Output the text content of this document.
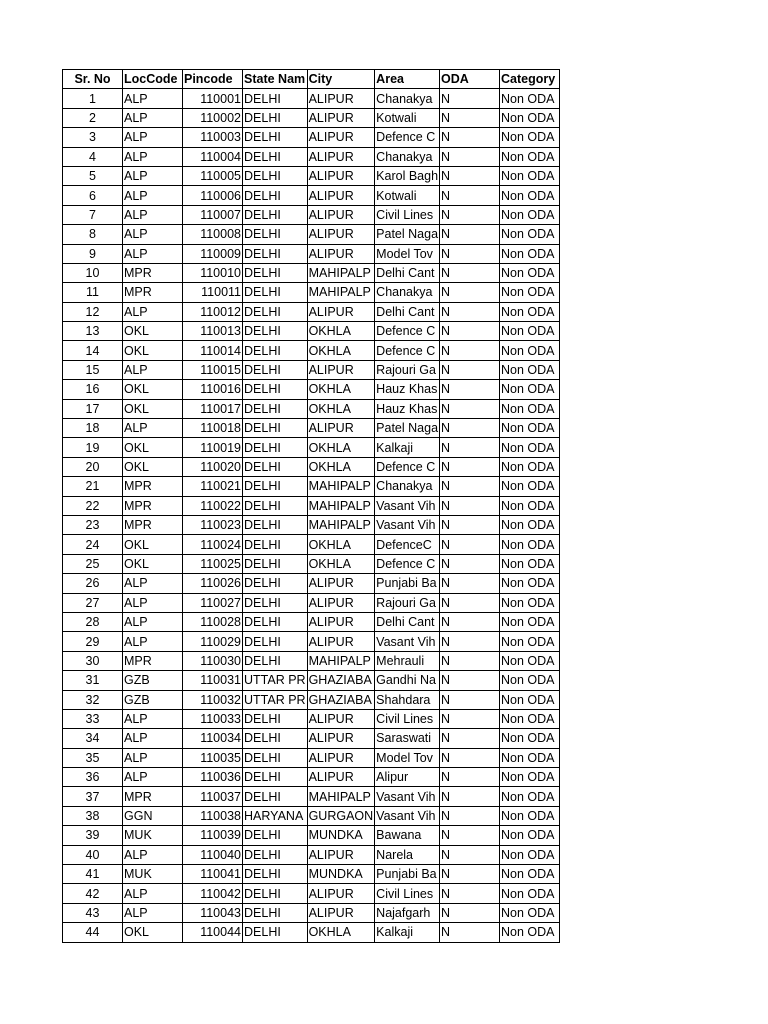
Sr. No	LocCode	Pincode	State Nam	City	Area	ODA	Category
1	ALP	110001	DELHI	ALIPUR	Chanakya	N	Non ODA
2	ALP	110002	DELHI	ALIPUR	Kotwali	N	Non ODA
3	ALP	110003	DELHI	ALIPUR	Defence C	N	Non ODA
4	ALP	110004	DELHI	ALIPUR	Chanakya	N	Non ODA
5	ALP	110005	DELHI	ALIPUR	Karol Bagh	N	Non ODA
6	ALP	110006	DELHI	ALIPUR	Kotwali	N	Non ODA
7	ALP	110007	DELHI	ALIPUR	Civil Lines	N	Non ODA
8	ALP	110008	DELHI	ALIPUR	Patel Naga	N	Non ODA
9	ALP	110009	DELHI	ALIPUR	Model Tov	N	Non ODA
10	MPR	110010	DELHI	MAHIPALP	Delhi Cant	N	Non ODA
11	MPR	110011	DELHI	MAHIPALP	Chanakya	N	Non ODA
12	ALP	110012	DELHI	ALIPUR	Delhi Cant	N	Non ODA
13	OKL	110013	DELHI	OKHLA	Defence C	N	Non ODA
14	OKL	110014	DELHI	OKHLA	Defence C	N	Non ODA
15	ALP	110015	DELHI	ALIPUR	Rajouri Ga	N	Non ODA
16	OKL	110016	DELHI	OKHLA	Hauz Khas	N	Non ODA
17	OKL	110017	DELHI	OKHLA	Hauz Khas	N	Non ODA
18	ALP	110018	DELHI	ALIPUR	Patel Naga	N	Non ODA
19	OKL	110019	DELHI	OKHLA	Kalkaji	N	Non ODA
20	OKL	110020	DELHI	OKHLA	Defence C	N	Non ODA
21	MPR	110021	DELHI	MAHIPALP	Chanakya	N	Non ODA
22	MPR	110022	DELHI	MAHIPALP	Vasant Vih	N	Non ODA
23	MPR	110023	DELHI	MAHIPALP	Vasant Vih	N	Non ODA
24	OKL	110024	DELHI	OKHLA	DefenceC	N	Non ODA
25	OKL	110025	DELHI	OKHLA	Defence C	N	Non ODA
26	ALP	110026	DELHI	ALIPUR	Punjabi Ba	N	Non ODA
27	ALP	110027	DELHI	ALIPUR	Rajouri Ga	N	Non ODA
28	ALP	110028	DELHI	ALIPUR	Delhi Cant	N	Non ODA
29	ALP	110029	DELHI	ALIPUR	Vasant Vih	N	Non ODA
30	MPR	110030	DELHI	MAHIPALP	Mehrauli	N	Non ODA
31	GZB	110031	UTTAR PR	GHAZIABA	Gandhi Na	N	Non ODA
32	GZB	110032	UTTAR PR	GHAZIABA	Shahdara	N	Non ODA
33	ALP	110033	DELHI	ALIPUR	Civil Lines	N	Non ODA
34	ALP	110034	DELHI	ALIPUR	Saraswati	N	Non ODA
35	ALP	110035	DELHI	ALIPUR	Model Tov	N	Non ODA
36	ALP	110036	DELHI	ALIPUR	Alipur	N	Non ODA
37	MPR	110037	DELHI	MAHIPALP	Vasant Vih	N	Non ODA
38	GGN	110038	HARYANA	GURGAON	Vasant Vih	N	Non ODA
39	MUK	110039	DELHI	MUNDKA	Bawana	N	Non ODA
40	ALP	110040	DELHI	ALIPUR	Narela	N	Non ODA
41	MUK	110041	DELHI	MUNDKA	Punjabi Ba	N	Non ODA
42	ALP	110042	DELHI	ALIPUR	Civil Lines	N	Non ODA
43	ALP	110043	DELHI	ALIPUR	Najafgarh	N	Non ODA
44	OKL	110044	DELHI	OKHLA	Kalkaji	N	Non ODA
